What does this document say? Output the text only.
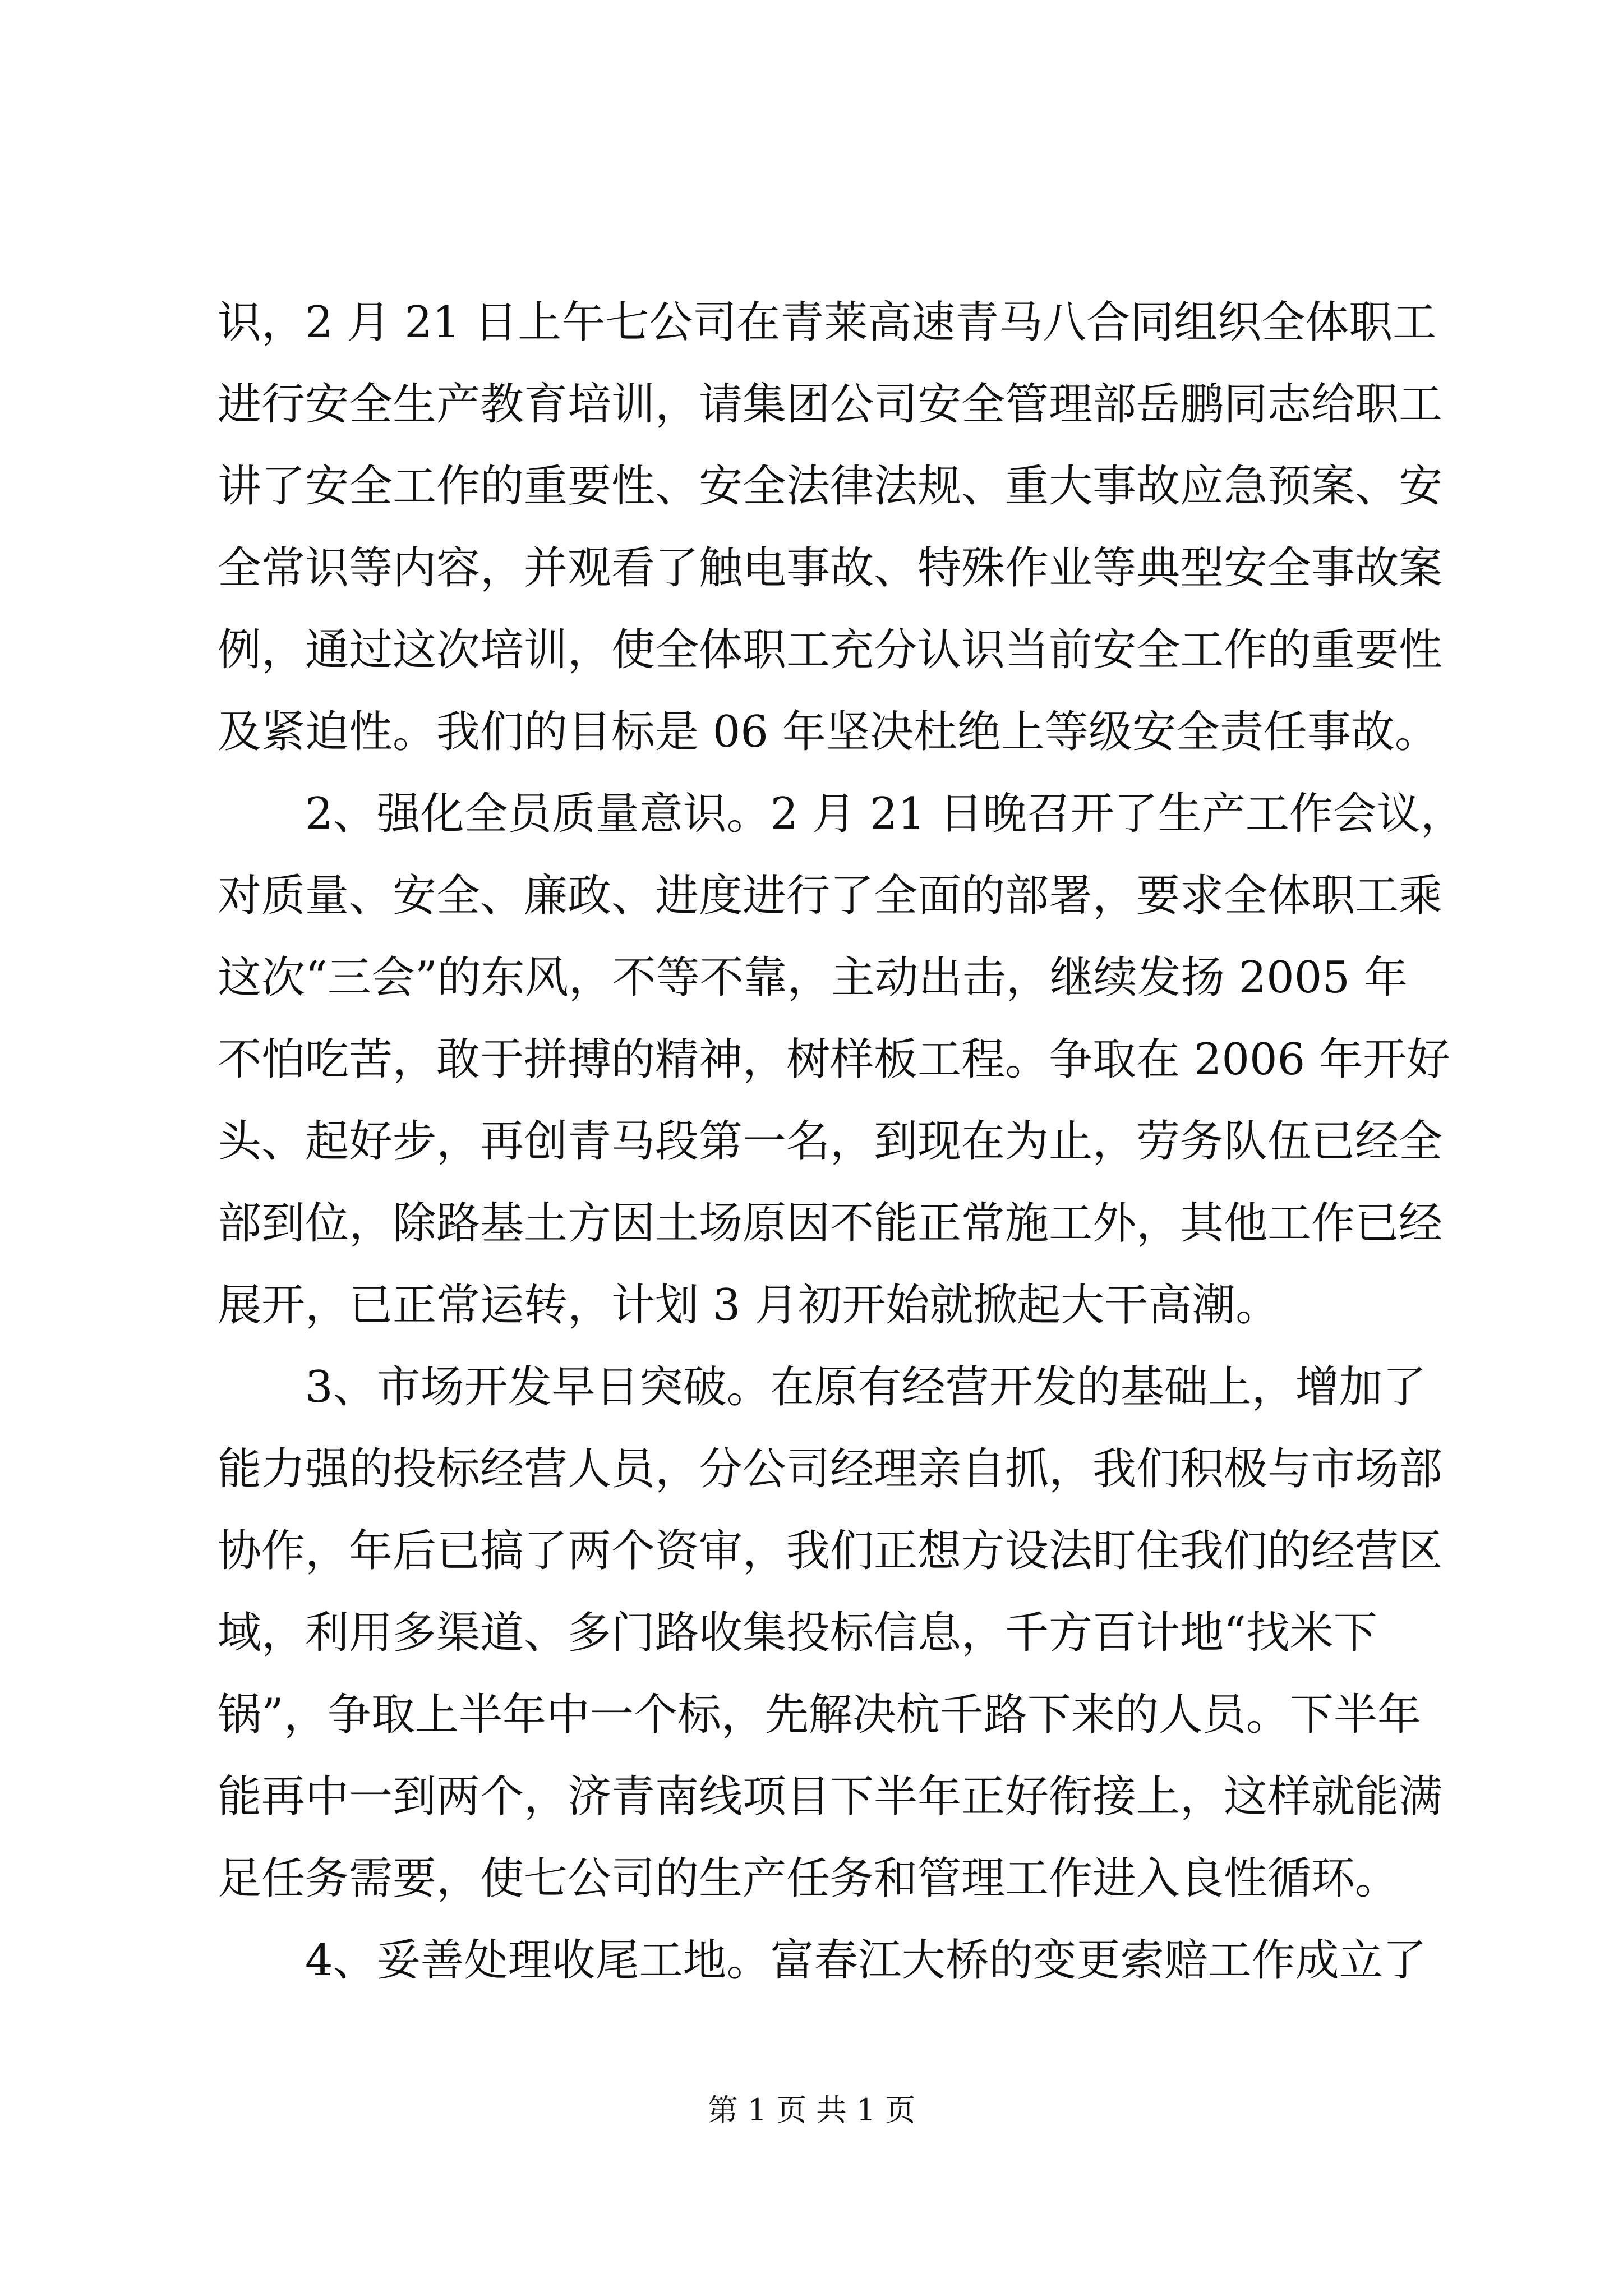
识，2 月 21 日上午七公司在青莱高速青马八合同组织全体职工
进行安全生产教育培训，请集团公司安全管理部岳鹏同志给职工
讲了安全工作的重要性、安全法律法规、重大事故应急预案、安
全常识等内容，并观看了触电事故、特殊作业等典型安全事故案
例，通过这次培训，使全体职工充分认识当前安全工作的重要性
及紧迫性。我们的目标是 06 年坚决杜绝上等级安全责任事故。
2、强化全员质量意识。2 月 21 日晚召开了生产工作会议，
对质量、安全、廉政、进度进行了全面的部署，要求全体职工乘
这次“三会”的东风，不等不靠，主动出击，继续发扬 2005 年
不怕吃苦，敢于拼搏的精神，树样板工程。争取在 2006 年开好
头、起好步，再创青马段第一名，到现在为止，劳务队伍已经全
部到位，除路基土方因土场原因不能正常施工外，其他工作已经
展开，已正常运转，计划 3 月初开始就掀起大干高潮。
3、市场开发早日突破。在原有经营开发的基础上，增加了
能力强的投标经营人员，分公司经理亲自抓，我们积极与市场部
协作，年后已搞了两个资审，我们正想方设法盯住我们的经营区
域，利用多渠道、多门路收集投标信息，千方百计地“找米下
锅”，争取上半年中一个标，先解决杭千路下来的人员。下半年
能再中一到两个，济青南线项目下半年正好衔接上，这样就能满
足任务需要，使七公司的生产任务和管理工作进入良性循环。
4、妥善处理收尾工地。富春江大桥的变更索赔工作成立了
第 1 页 共 1 页
